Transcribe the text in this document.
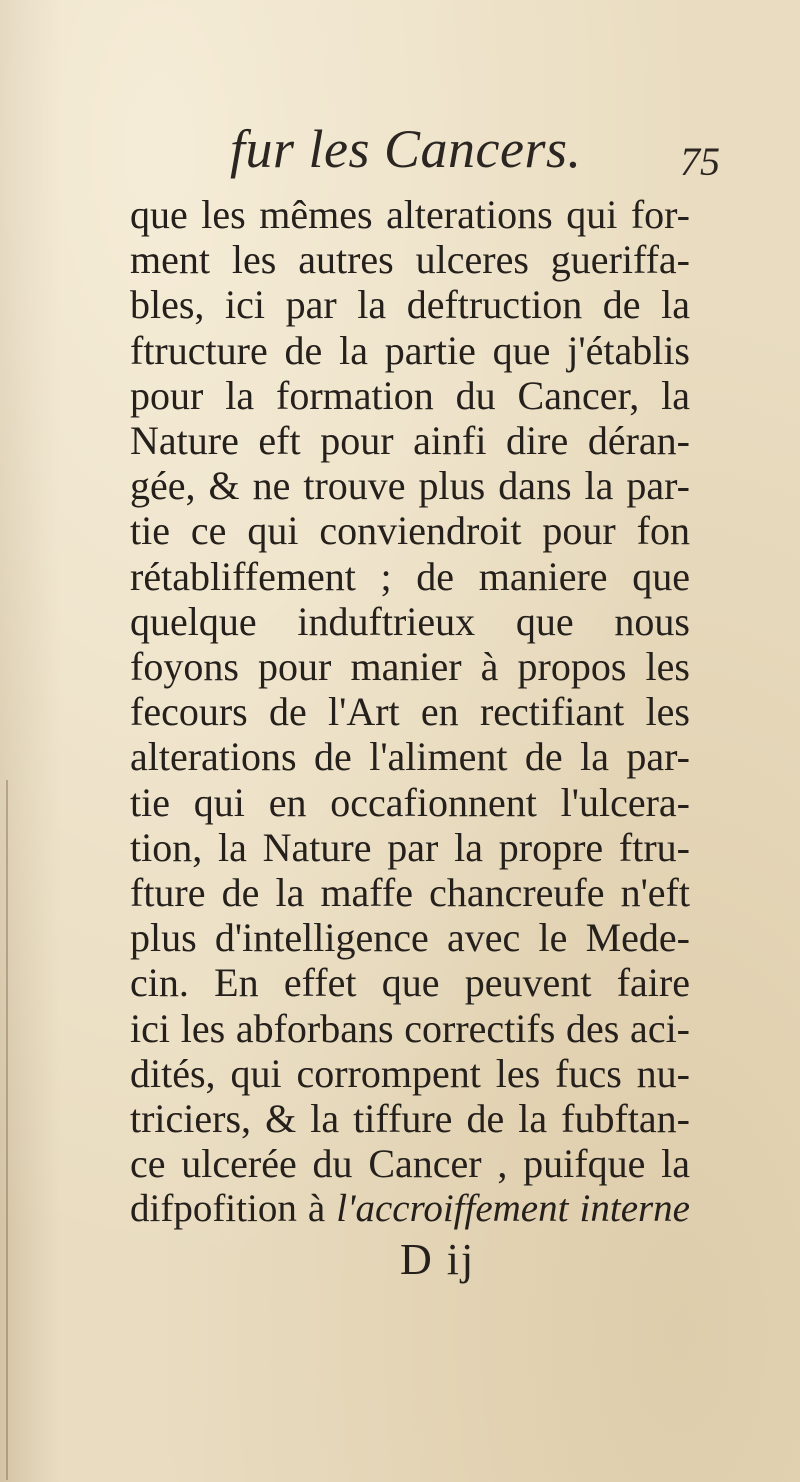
fur les Cancers. 75
que les mêmes alterations qui for-
ment les autres ulceres gueriffa-
bles, ici par la deftruction de la
ftructure de la partie que j'établis
pour la formation du Cancer, la
Nature eft pour ainfi dire déran-
gée, & ne trouve plus dans la par-
tie ce qui conviendroit pour fon
rétabliffement ; de maniere que
quelque induftrieux que nous
foyons pour manier à propos les
fecours de l'Art en rectifiant les
alterations de l'aliment de la par-
tie qui en occafionnent l'ulcera-
tion, la Nature par la propre ftru-
fture de la maffe chancreufe n'eft
plus d'intelligence avec le Mede-
cin. En effet que peuvent faire
ici les abforbans correctifs des aci-
dités, qui corrompent les fucs nu-
triciers, & la tiffure de la fubftan-
ce ulcerée du Cancer , puifque la
difpofition à l'accroiffement interne
D ij
